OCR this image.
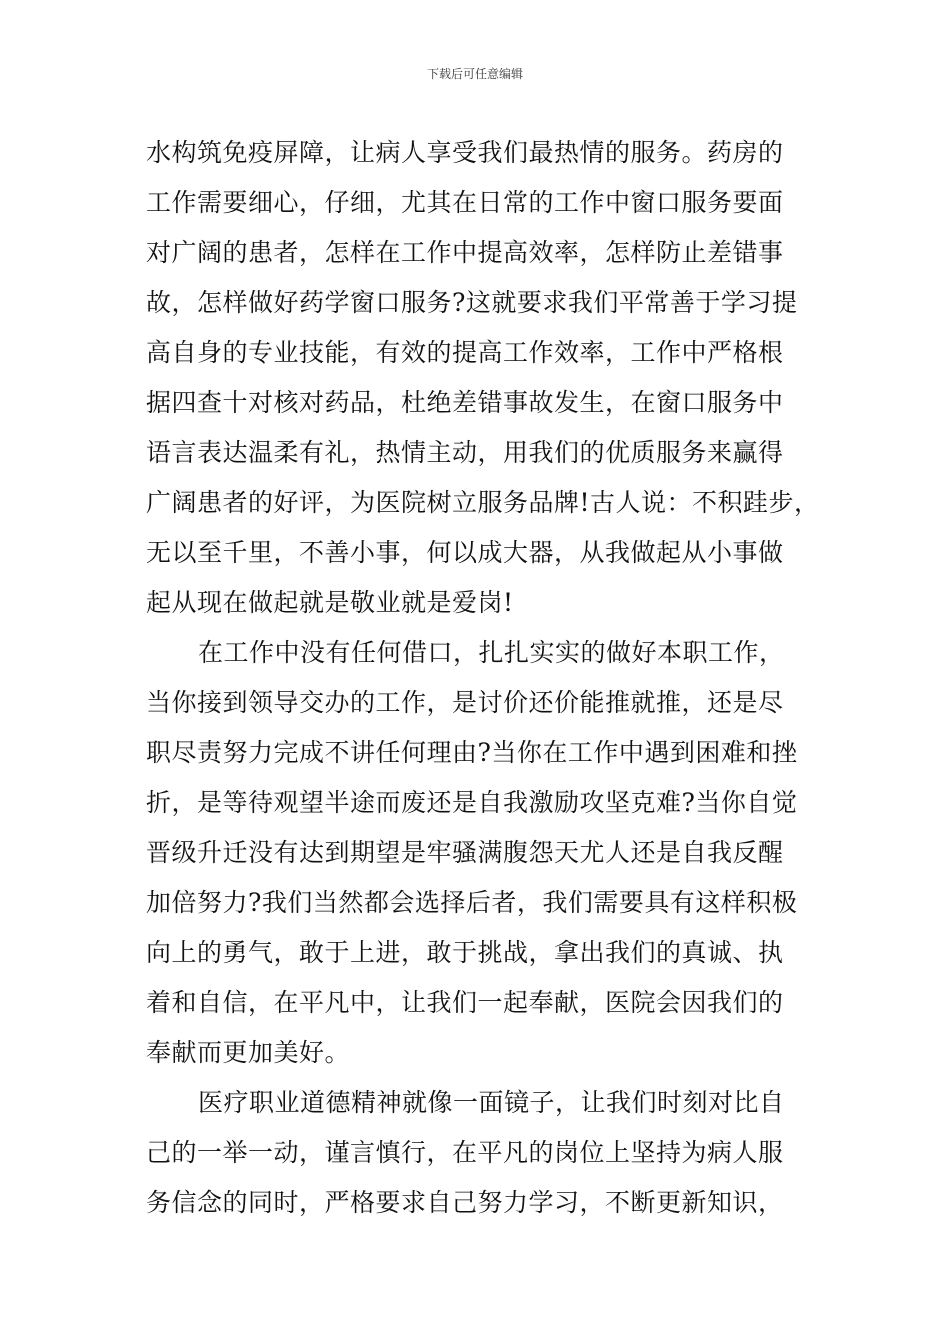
下载后可任意编辑
水构筑免疫屏障，让病人享受我们最热情的服务。药房的
工作需要细心，仔细，尤其在日常的工作中窗口服务要面
对广阔的患者，怎样在工作中提高效率，怎样防止差错事
故，怎样做好药学窗口服务?这就要求我们平常善于学习提
高自身的专业技能，有效的提高工作效率，工作中严格根
据四查十对核对药品，杜绝差错事故发生，在窗口服务中
语言表达温柔有礼，热情主动，用我们的优质服务来赢得
广阔患者的好评，为医院树立服务品牌!古人说：不积跬步，
无以至千里，不善小事，何以成大器，从我做起从小事做
起从现在做起就是敬业就是爱岗!
在工作中没有任何借口，扎扎实实的做好本职工作，
当你接到领导交办的工作，是讨价还价能推就推，还是尽
职尽责努力完成不讲任何理由?当你在工作中遇到困难和挫
折，是等待观望半途而废还是自我激励攻坚克难?当你自觉
晋级升迁没有达到期望是牢骚满腹怨天尤人还是自我反醒
加倍努力?我们当然都会选择后者，我们需要具有这样积极
向上的勇气，敢于上进，敢于挑战，拿出我们的真诚、执
着和自信，在平凡中，让我们一起奉献，医院会因我们的
奉献而更加美好。
医疗职业道德精神就像一面镜子，让我们时刻对比自
己的一举一动，谨言慎行，在平凡的岗位上坚持为病人服
务信念的同时，严格要求自己努力学习，不断更新知识，
